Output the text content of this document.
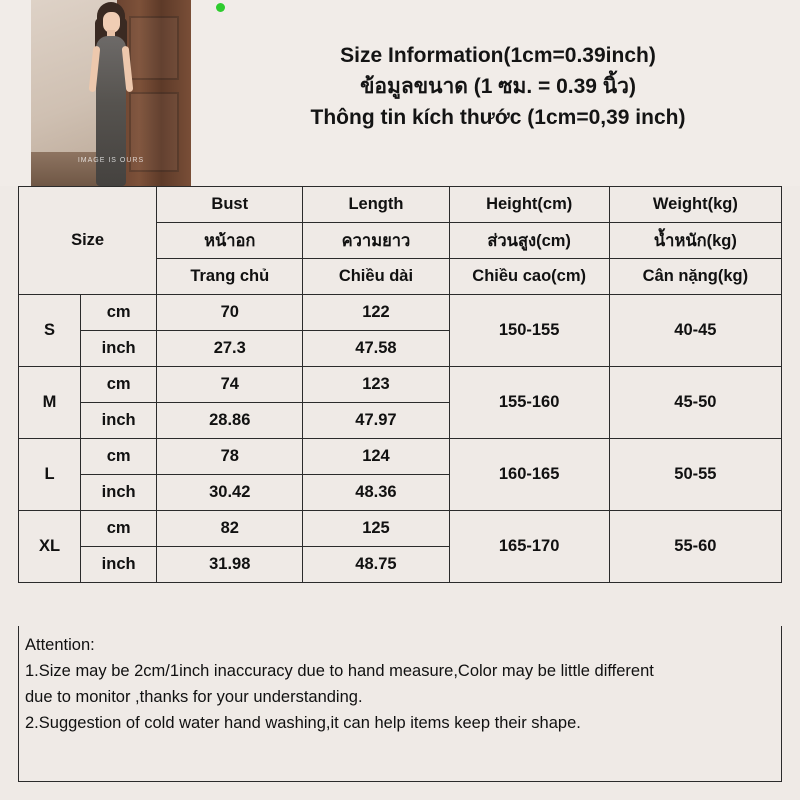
IMAGE IS OURS
Size Information(1cm=0.39inch)
ข้อมูลขนาด (1 ซม. = 0.39 นิ้ว)
Thông tin kích thước (1cm=0,39 inch)
Size		Bust	Length	Height(cm)	Weight(kg)
		หน้าอก	ความยาว	ส่วนสูง(cm)	น้ำหนัก(kg)
		Trang chủ	Chiều dài	Chiều cao(cm)	Cân nặng(kg)
S	cm	70	122	150-155	40-45
	inch	27.3	47.58		
M	cm	74	123	155-160	45-50
	inch	28.86	47.97		
L	cm	78	124	160-165	50-55
	inch	30.42	48.36		
XL	cm	82	125	165-170	55-60
	inch	31.98	48.75		
Attention:
1.Size may be 2cm/1inch inaccuracy due to hand measure,Color may be little different
due to monitor ,thanks for your understanding.
2.Suggestion of cold water hand washing,it can help items keep their shape.
